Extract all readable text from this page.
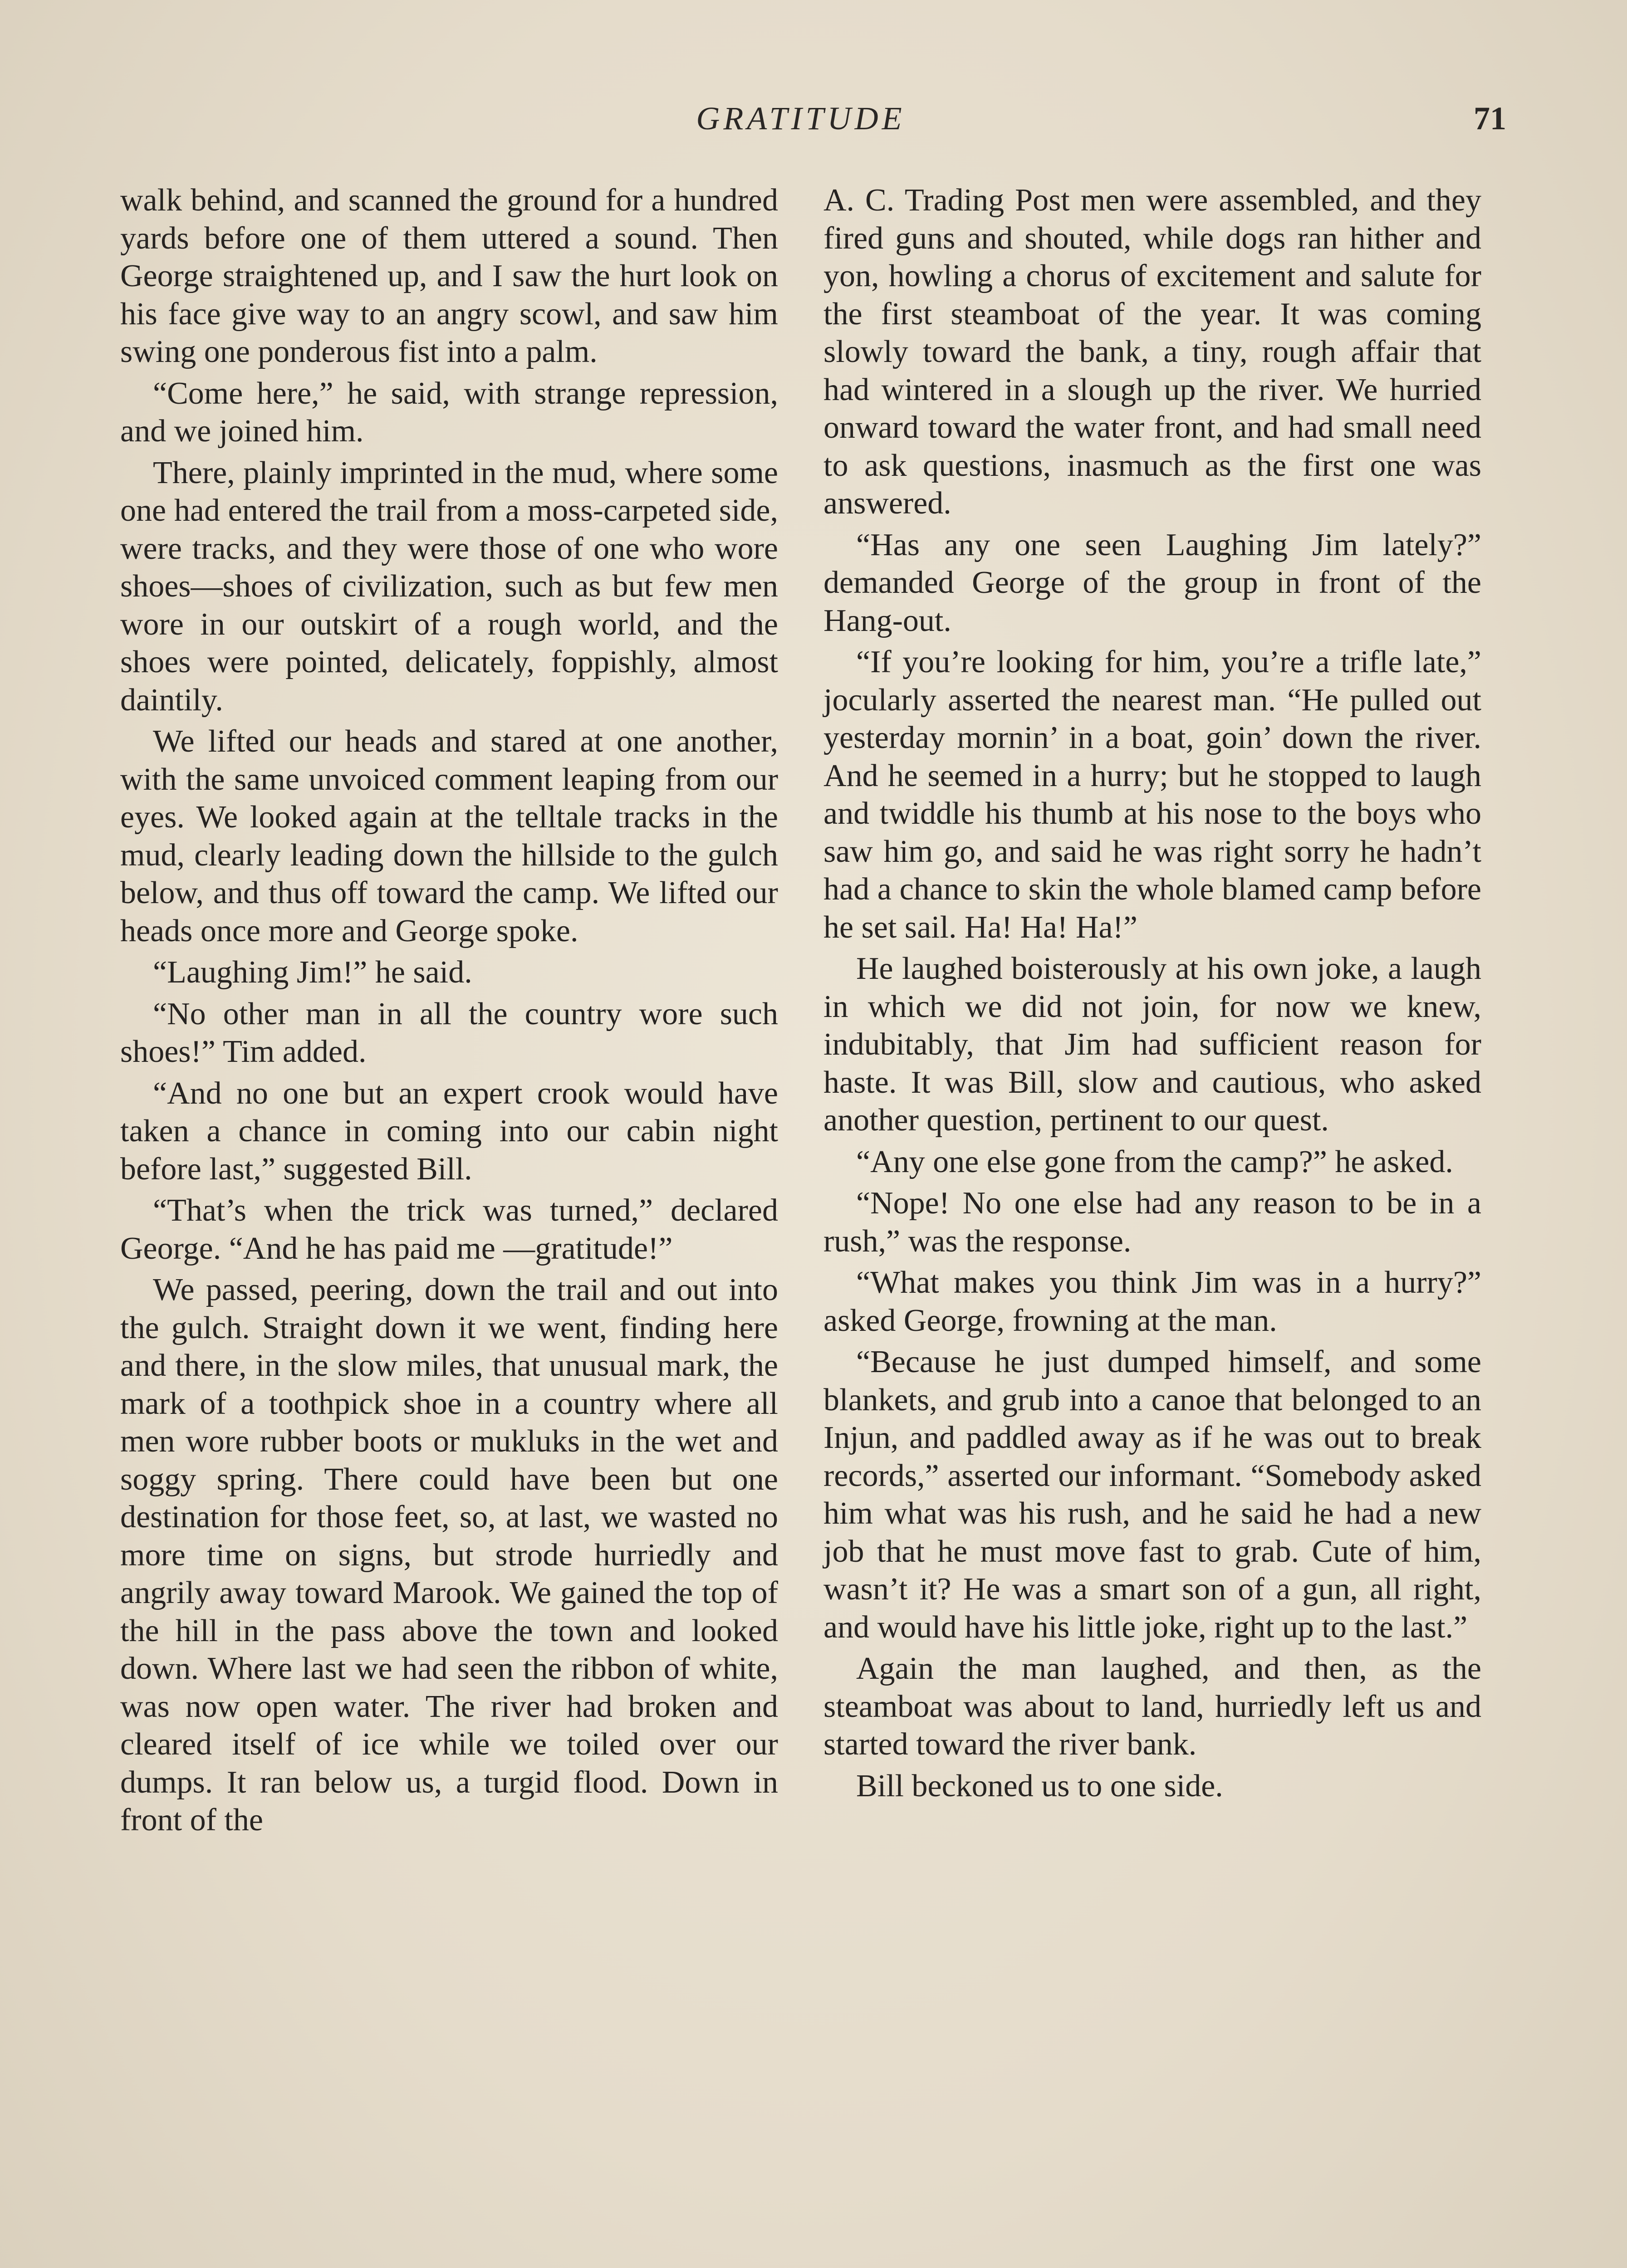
GRATITUDE	71

walk behind, and scanned the ground for a hundred yards before one of them uttered a sound. Then George straightened up, and I saw the hurt look on his face give way to an angry scowl, and saw him swing one ponderous fist into a palm.

“Come here,” he said, with strange repression, and we joined him.

There, plainly imprinted in the mud, where some one had entered the trail from a moss-carpeted side, were tracks, and they were those of one who wore shoes—shoes of civilization, such as but few men wore in our outskirt of a rough world, and the shoes were pointed, delicately, foppishly, almost daintily.

We lifted our heads and stared at one another, with the same unvoiced comment leaping from our eyes. We looked again at the telltale tracks in the mud, clearly leading down the hillside to the gulch below, and thus off toward the camp. We lifted our heads once more and George spoke.

“Laughing Jim!” he said.

“No other man in all the country wore such shoes!” Tim added.

“And no one but an expert crook would have taken a chance in coming into our cabin night before last,” suggested Bill.

“That’s when the trick was turned,” declared George. “And he has paid me —gratitude!”

We passed, peering, down the trail and out into the gulch. Straight down it we went, finding here and there, in the slow miles, that unusual mark, the mark of a toothpick shoe in a country where all men wore rubber boots or mukluks in the wet and soggy spring. There could have been but one destination for those feet, so, at last, we wasted no more time on signs, but strode hurriedly and angrily away toward Marook. We gained the top of the hill in the pass above the town and looked down. Where last we had seen the ribbon of white, was now open water. The river had broken and cleared itself of ice while we toiled over our dumps. It ran below us, a turgid flood. Down in front of the

A. C. Trading Post men were assembled, and they fired guns and shouted, while dogs ran hither and yon, howling a chorus of excitement and salute for the first steamboat of the year. It was coming slowly toward the bank, a tiny, rough affair that had wintered in a slough up the river. We hurried onward toward the water front, and had small need to ask questions, inasmuch as the first one was answered.

“Has any one seen Laughing Jim lately?” demanded George of the group in front of the Hang-out.

“If you’re looking for him, you’re a trifle late,” jocularly asserted the nearest man. “He pulled out yesterday mornin’ in a boat, goin’ down the river. And he seemed in a hurry; but he stopped to laugh and twiddle his thumb at his nose to the boys who saw him go, and said he was right sorry he hadn’t had a chance to skin the whole blamed camp before he set sail. Ha! Ha! Ha!”

He laughed boisterously at his own joke, a laugh in which we did not join, for now we knew, indubitably, that Jim had sufficient reason for haste. It was Bill, slow and cautious, who asked another question, pertinent to our quest.

“Any one else gone from the camp?” he asked.

“Nope! No one else had any reason to be in a rush,” was the response.

“What makes you think Jim was in a hurry?” asked George, frowning at the man.

“Because he just dumped himself, and some blankets, and grub into a canoe that belonged to an Injun, and paddled away as if he was out to break records,” asserted our informant. “Somebody asked him what was his rush, and he said he had a new job that he must move fast to grab. Cute of him, wasn’t it? He was a smart son of a gun, all right, and would have his little joke, right up to the last.”

Again the man laughed, and then, as the steamboat was about to land, hurriedly left us and started toward the river bank.

Bill beckoned us to one side.
